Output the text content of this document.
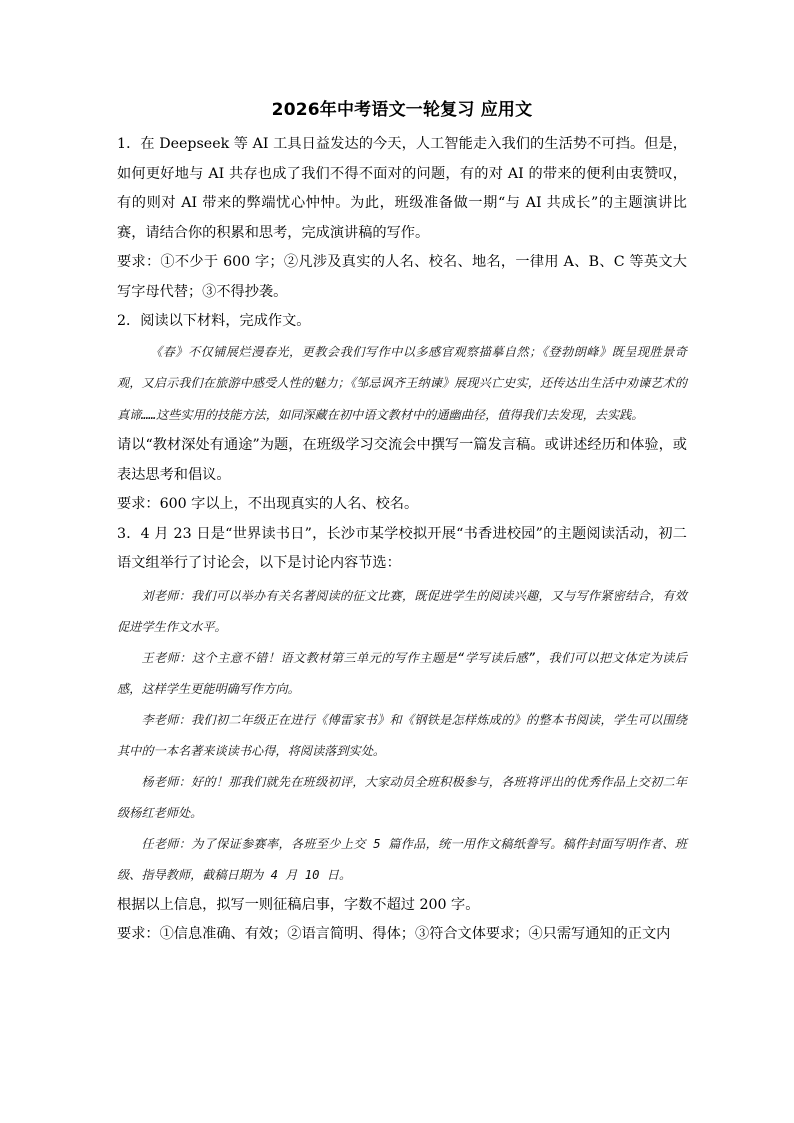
2026年中考语文一轮复习 应用文

1．在 Deepseek 等 AI 工具日益发达的今天，人工智能走入我们的生活势不可挡。但是，如何更好地与 AI 共存也成了我们不得不面对的问题，有的对 AI 的带来的便利由衷赞叹，有的则对 AI 带来的弊端忧心忡忡。为此，班级准备做一期“与 AI 共成长”的主题演讲比赛，请结合你的积累和思考，完成演讲稿的写作。

要求：①不少于 600 字；②凡涉及真实的人名、校名、地名，一律用 A、B、C 等英文大写字母代替；③不得抄袭。

2．阅读以下材料，完成作文。

《春》不仅铺展烂漫春光，更教会我们写作中以多感官观察描摹自然；《登勃朗峰》既呈现胜景奇观，又启示我们在旅游中感受人性的魅力；《邹忌讽齐王纳谏》展现兴亡史实，还传达出生活中劝谏艺术的真谛……这些实用的技能方法，如同深藏在初中语文教材中的通幽曲径，值得我们去发现，去实践。

请以“教材深处有通途”为题，在班级学习交流会中撰写一篇发言稿。或讲述经历和体验，或表达思考和倡议。

要求：600 字以上，不出现真实的人名、校名。

3．4 月 23 日是“世界读书日”，长沙市某学校拟开展“书香进校园”的主题阅读活动，初二语文组举行了讨论会，以下是讨论内容节选：

刘老师：我们可以举办有关名著阅读的征文比赛，既促进学生的阅读兴趣，又与写作紧密结合，有效促进学生作文水平。

王老师：这个主意不错！语文教材第三单元的写作主题是“学写读后感”，我们可以把文体定为读后感，这样学生更能明确写作方向。

李老师：我们初二年级正在进行《傅雷家书》和《钢铁是怎样炼成的》的整本书阅读，学生可以围绕其中的一本名著来谈读书心得，将阅读落到实处。

杨老师：好的！那我们就先在班级初评，大家动员全班积极参与，各班将评出的优秀作品上交初二年级杨红老师处。

任老师：为了保证参赛率，各班至少上交 5 篇作品，统一用作文稿纸誊写。稿件封面写明作者、班级、指导教师，截稿日期为 4 月 10 日。

根据以上信息，拟写一则征稿启事，字数不超过 200 字。

要求：①信息准确、有效；②语言简明、得体；③符合文体要求；④只需写通知的正文内
